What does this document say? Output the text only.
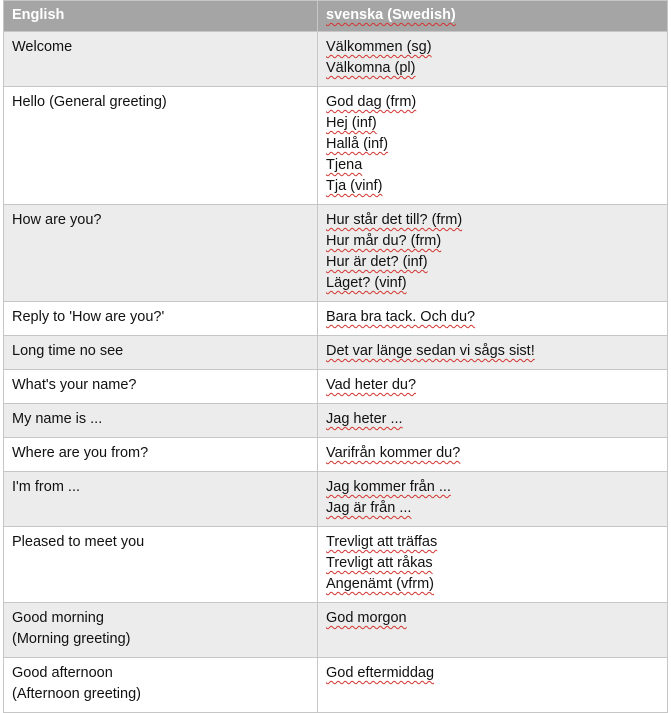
English	svenska (Swedish)

Welcome	Välkommen (sg)
Välkomna (pl)

Hello (General greeting)	God dag (frm)
Hej (inf)
Hallå (inf)
Tjena
Tja (vinf)

How are you?	Hur står det till? (frm)
Hur mår du? (frm)
Hur är det? (inf)
Läget? (vinf)

Reply to 'How are you?'	Bara bra tack. Och du?

Long time no see	Det var länge sedan vi sågs sist!

What's your name?	Vad heter du?

My name is ...	Jag heter ...

Where are you from?	Varifrån kommer du?

I'm from ...	Jag kommer från ...
Jag är från ...

Pleased to meet you	Trevligt att träffas
Trevligt att råkas
Angenämt (vfrm)

Good morning
(Morning greeting)	God morgon

Good afternoon
(Afternoon greeting)	God eftermiddag
